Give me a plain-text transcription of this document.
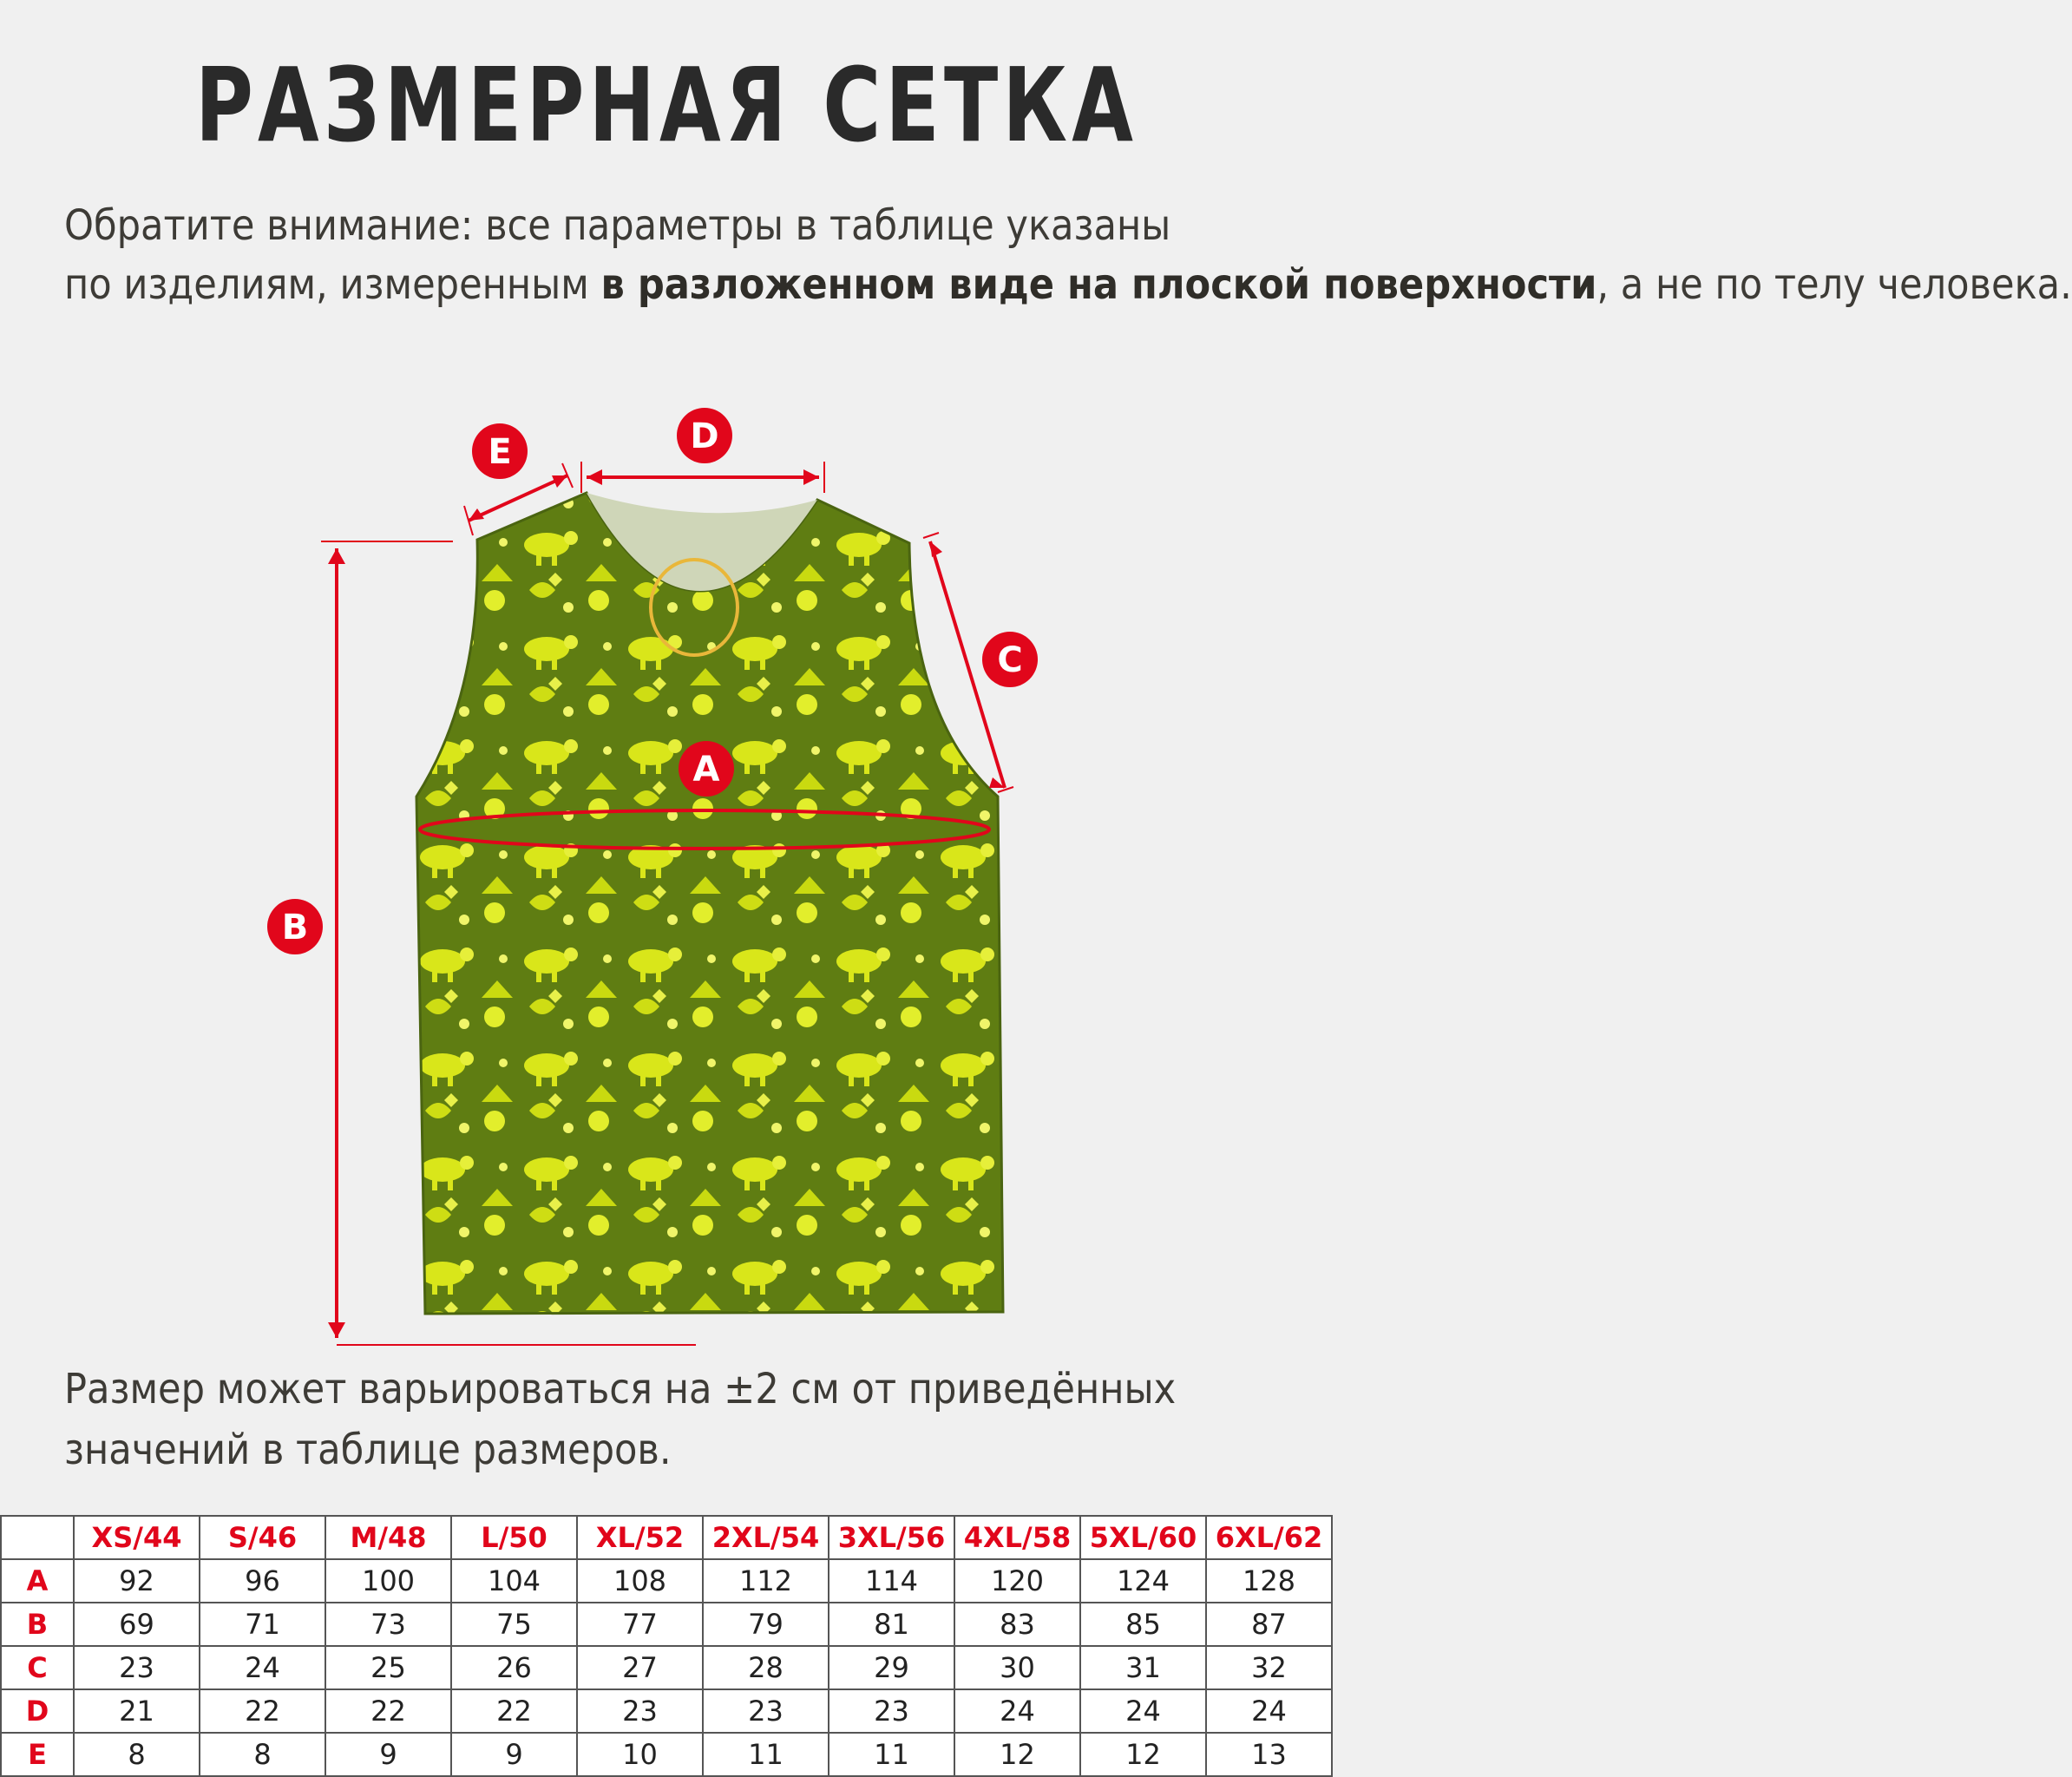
РАЗМЕРНАЯ СЕТКА
Обратите внимание: все параметры в таблице указаны
по изделиям, измеренным в разложенном виде на плоской поверхности, а не по телу человека.
E	D
C
A
B
Размер может варьироваться на ±2 см от приведённых
значений в таблице размеров.
	XS/44	S/46	M/48	L/50	XL/52	2XL/54	3XL/56	4XL/58	5XL/60	6XL/62
A	92	96	100	104	108	112	114	120	124	128
B	69	71	73	75	77	79	81	83	85	87
C	23	24	25	26	27	28	29	30	31	32
D	21	22	22	22	23	23	23	24	24	24
E	8	8	9	9	10	11	11	12	12	13
